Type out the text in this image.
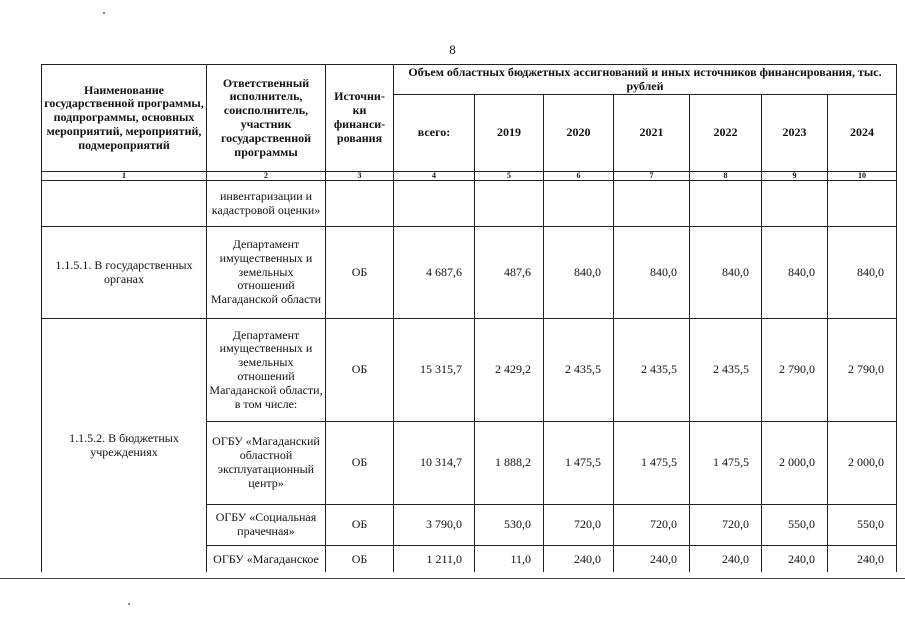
8
Наименование государственной программы, подпрограммы, основных мероприятий, мероприятий, подмероприятий	Ответственный исполнитель, соисполнитель, участник государственной программы	Источни-ки финанси-рования	Объем областных бюджетных ассигнований и иных источников финансирования, тыс. рублей						
			всего:	2019	2020	2021	2022	2023	2024
1	2	3	4	5	6	7	8	9	10
	инвентаризации и кадастровой оценки»								
1.1.5.1. В государственных органах	Департамент имущественных и земельных отношений Магаданской области	ОБ	4 687,6	487,6	840,0	840,0	840,0	840,0	840,0
1.1.5.2. В бюджетных учреждениях	Департамент имущественных и земельных отношений Магаданской области, в том числе:	ОБ	15 315,7	2 429,2	2 435,5	2 435,5	2 435,5	2 790,0	2 790,0
	ОГБУ «Магаданский областной эксплуатационный центр»	ОБ	10 314,7	1 888,2	1 475,5	1 475,5	1 475,5	2 000,0	2 000,0
	ОГБУ «Социальная прачечная»	ОБ	3 790,0	530,0	720,0	720,0	720,0	550,0	550,0
	ОГБУ «Магаданское	ОБ	1 211,0	11,0	240,0	240,0	240,0	240,0	240,0
